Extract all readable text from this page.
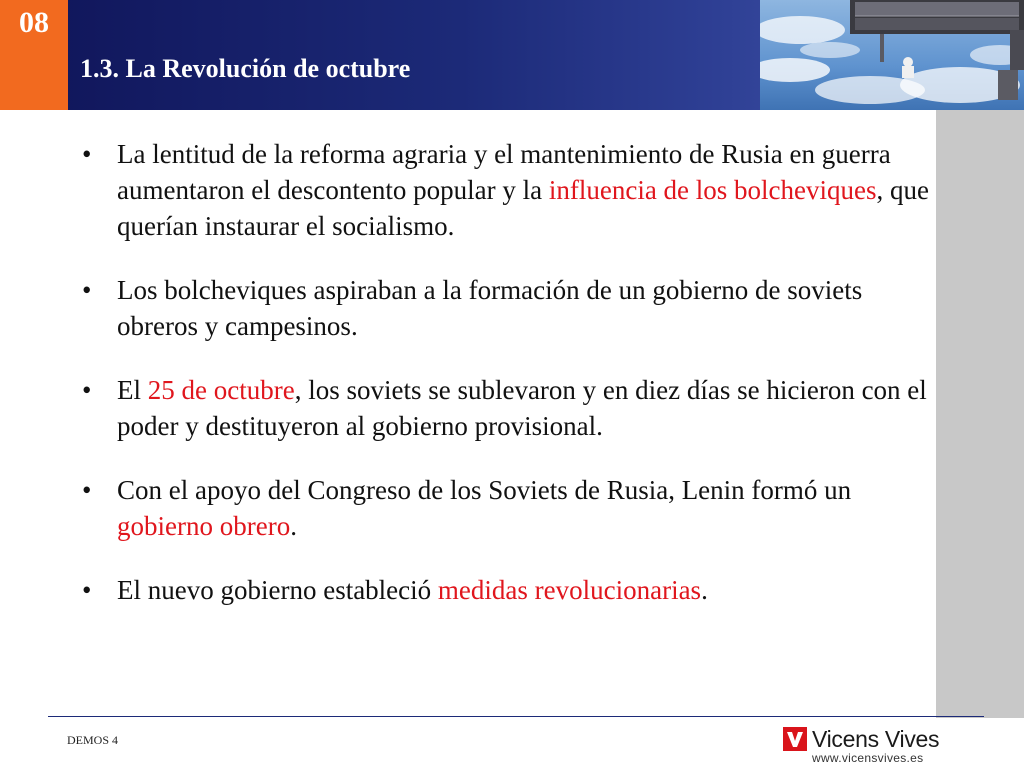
08
1.3. La Revolución de octubre
• La lentitud de la reforma agraria y el mantenimiento de Rusia en guerra aumentaron el descontento popular y la influencia de los bolcheviques, que querían instaurar el socialismo.
• Los bolcheviques aspiraban a la formación de un gobierno de soviets obreros y campesinos.
• El 25 de octubre, los soviets se sublevaron y en diez días se hicieron con el poder y destituyeron al gobierno provisional.
• Con el apoyo del Congreso de los Soviets de Rusia, Lenin formó un gobierno obrero.
• El nuevo gobierno estableció medidas revolucionarias.
DEMOS 4	Vicens Vives
www.vicensvives.es
